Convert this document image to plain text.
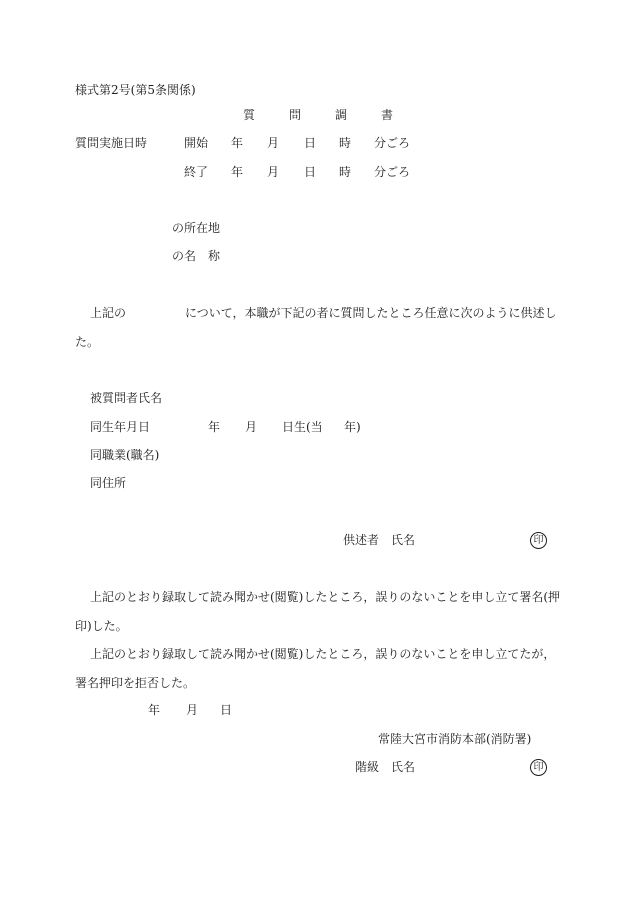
様式第2号(第5条関係)
質問調書
質問実施日時	開始 年 月 日 時 分ごろ
終了 年 月 日 時 分ごろ
の所在地
の名　称
上記の	について，本職が下記の者に質問したところ任意に次のように供述し
た。
被質問者氏名
同生年月日	年 月 日生(当 年)
同職業(職名)
同住所
供述者　氏名	印
上記のとおり録取して読み聞かせ(閲覧)したところ，誤りのないことを申し立て署名(押
印)した。
上記のとおり録取して読み聞かせ(閲覧)したところ，誤りのないことを申し立てたが，
署名押印を拒否した。
年 月 日
常陸大宮市消防本部(消防署)
階級　氏名	印
